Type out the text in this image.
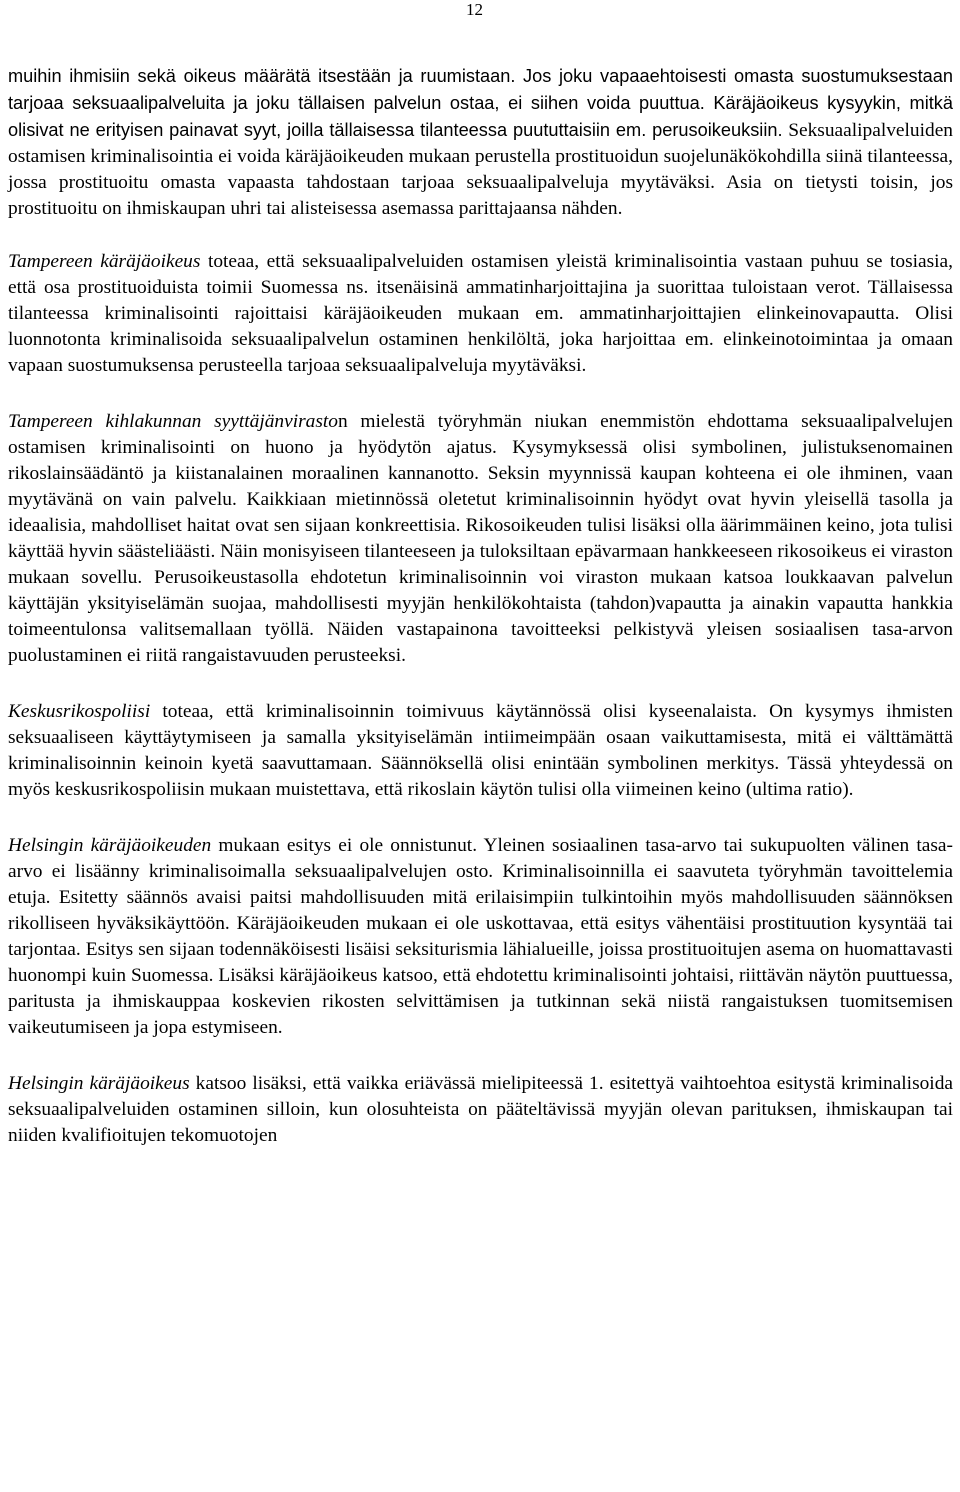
12

muihin ihmisiin sekä oikeus määrätä itsestään ja ruumistaan. Jos joku vapaaehtoisesti omasta suostumuksestaan tarjoaa seksuaalipalveluita ja joku tällaisen palvelun ostaa, ei siihen voida puuttua. Käräjäoikeus kysyykin, mitkä olisivat ne erityisen painavat syyt, joilla tällaisessa tilanteessa puututtaisiin em. perusoikeuksiin. Seksuaalipalveluiden ostamisen kriminalisointia ei voida käräjäoikeuden mukaan perustella prostituoidun suojelunäkökohdilla siinä tilanteessa, jossa prostituoitu omasta vapaasta tahdostaan tarjoaa seksuaalipalveluja myytäväksi. Asia on tietysti toisin, jos prostituoitu on ihmiskaupan uhri tai alisteisessa asemassa parittajaansa nähden.

Tampereen käräjäoikeus toteaa, että seksuaalipalveluiden ostamisen yleistä kriminalisointia vastaan puhuu se tosiasia, että osa prostituoiduista toimii Suomessa ns. itsenäisinä ammatinharjoittajina ja suorittaa tuloistaan verot. Tällaisessa tilanteessa kriminalisointi rajoittaisi käräjäoikeuden mukaan em. ammatinharjoittajien elinkeinovapautta. Olisi luonnotonta kriminalisoida seksuaalipalvelun ostaminen henkilöltä, joka harjoittaa em. elinkeinotoimintaa ja omaan vapaan suostumuksensa perusteella tarjoaa seksuaalipalveluja myytäväksi.

Tampereen kihlakunnan syyttäjänviraston mielestä työryhmän niukan enemmistön ehdottama seksuaalipalvelujen ostamisen kriminalisointi on huono ja hyödytön ajatus. Kysymyksessä olisi symbolinen, julistuksenomainen rikoslainsäädäntö ja kiistanalainen moraalinen kannanotto. Seksin myynnissä kaupan kohteena ei ole ihminen, vaan myytävänä on vain palvelu. Kaikkiaan mietinnössä oletetut kriminalisoinnin hyödyt ovat hyvin yleisellä tasolla ja ideaalisia, mahdolliset haitat ovat sen sijaan konkreettisia. Rikosoikeuden tulisi lisäksi olla äärimmäinen keino, jota tulisi käyttää hyvin säästeliäästi. Näin monisyiseen tilanteeseen ja tuloksiltaan epävarmaan hankkeeseen rikosoikeus ei viraston mukaan sovellu. Perusoikeustasolla ehdotetun kriminalisoinnin voi viraston mukaan katsoa loukkaavan palvelun käyttäjän yksityiselämän suojaa, mahdollisesti myyjän henkilökohtaista (tahdon)vapautta ja ainakin vapautta hankkia toimeentulonsa valitsemallaan työllä. Näiden vastapainona tavoitteeksi pelkistyvä yleisen sosiaalisen tasa-arvon puolustaminen ei riitä rangaistavuuden perusteeksi.

Keskusrikospoliisi toteaa, että kriminalisoinnin toimivuus käytännössä olisi kyseenalaista. On kysymys ihmisten seksuaaliseen käyttäytymiseen ja samalla yksityiselämän intiimeimpään osaan vaikuttamisesta, mitä ei välttämättä kriminalisoinnin keinoin kyetä saavuttamaan. Säännöksellä olisi enintään symbolinen merkitys. Tässä yhteydessä on myös keskusrikospoliisin mukaan muistettava, että rikoslain käytön tulisi olla viimeinen keino (ultima ratio).

Helsingin käräjäoikeuden mukaan esitys ei ole onnistunut. Yleinen sosiaalinen tasa-arvo tai sukupuolten välinen tasa-arvo ei lisäänny kriminalisoimalla seksuaalipalvelujen osto. Kriminalisoinnilla ei saavuteta työryhmän tavoittelemia etuja. Esitetty säännös avaisi paitsi mahdollisuuden mitä erilaisimpiin tulkintoihin myös mahdollisuuden säännöksen rikolliseen hyväksikäyttöön. Käräjäoikeuden mukaan ei ole uskottavaa, että esitys vähentäisi prostituution kysyntää tai tarjontaa. Esitys sen sijaan todennäköisesti lisäisi seksiturismia lähialueille, joissa prostituoitujen asema on huomattavasti huonompi kuin Suomessa. Lisäksi käräjäoikeus katsoo, että ehdotettu kriminalisointi johtaisi, riittävän näytön puuttuessa, paritusta ja ihmiskauppaa koskevien rikosten selvittämisen ja tutkinnan sekä niistä rangaistuksen tuomitsemisen vaikeutumiseen ja jopa estymiseen.

Helsingin käräjäoikeus katsoo lisäksi, että vaikka eriävässä mielipiteessä 1. esitettyä vaihtoehtoa esitystä kriminalisoida seksuaalipalveluiden ostaminen silloin, kun olosuhteista on pääteltävissä myyjän olevan parituksen, ihmiskaupan tai niiden kvalifioitujen tekomuotojen
